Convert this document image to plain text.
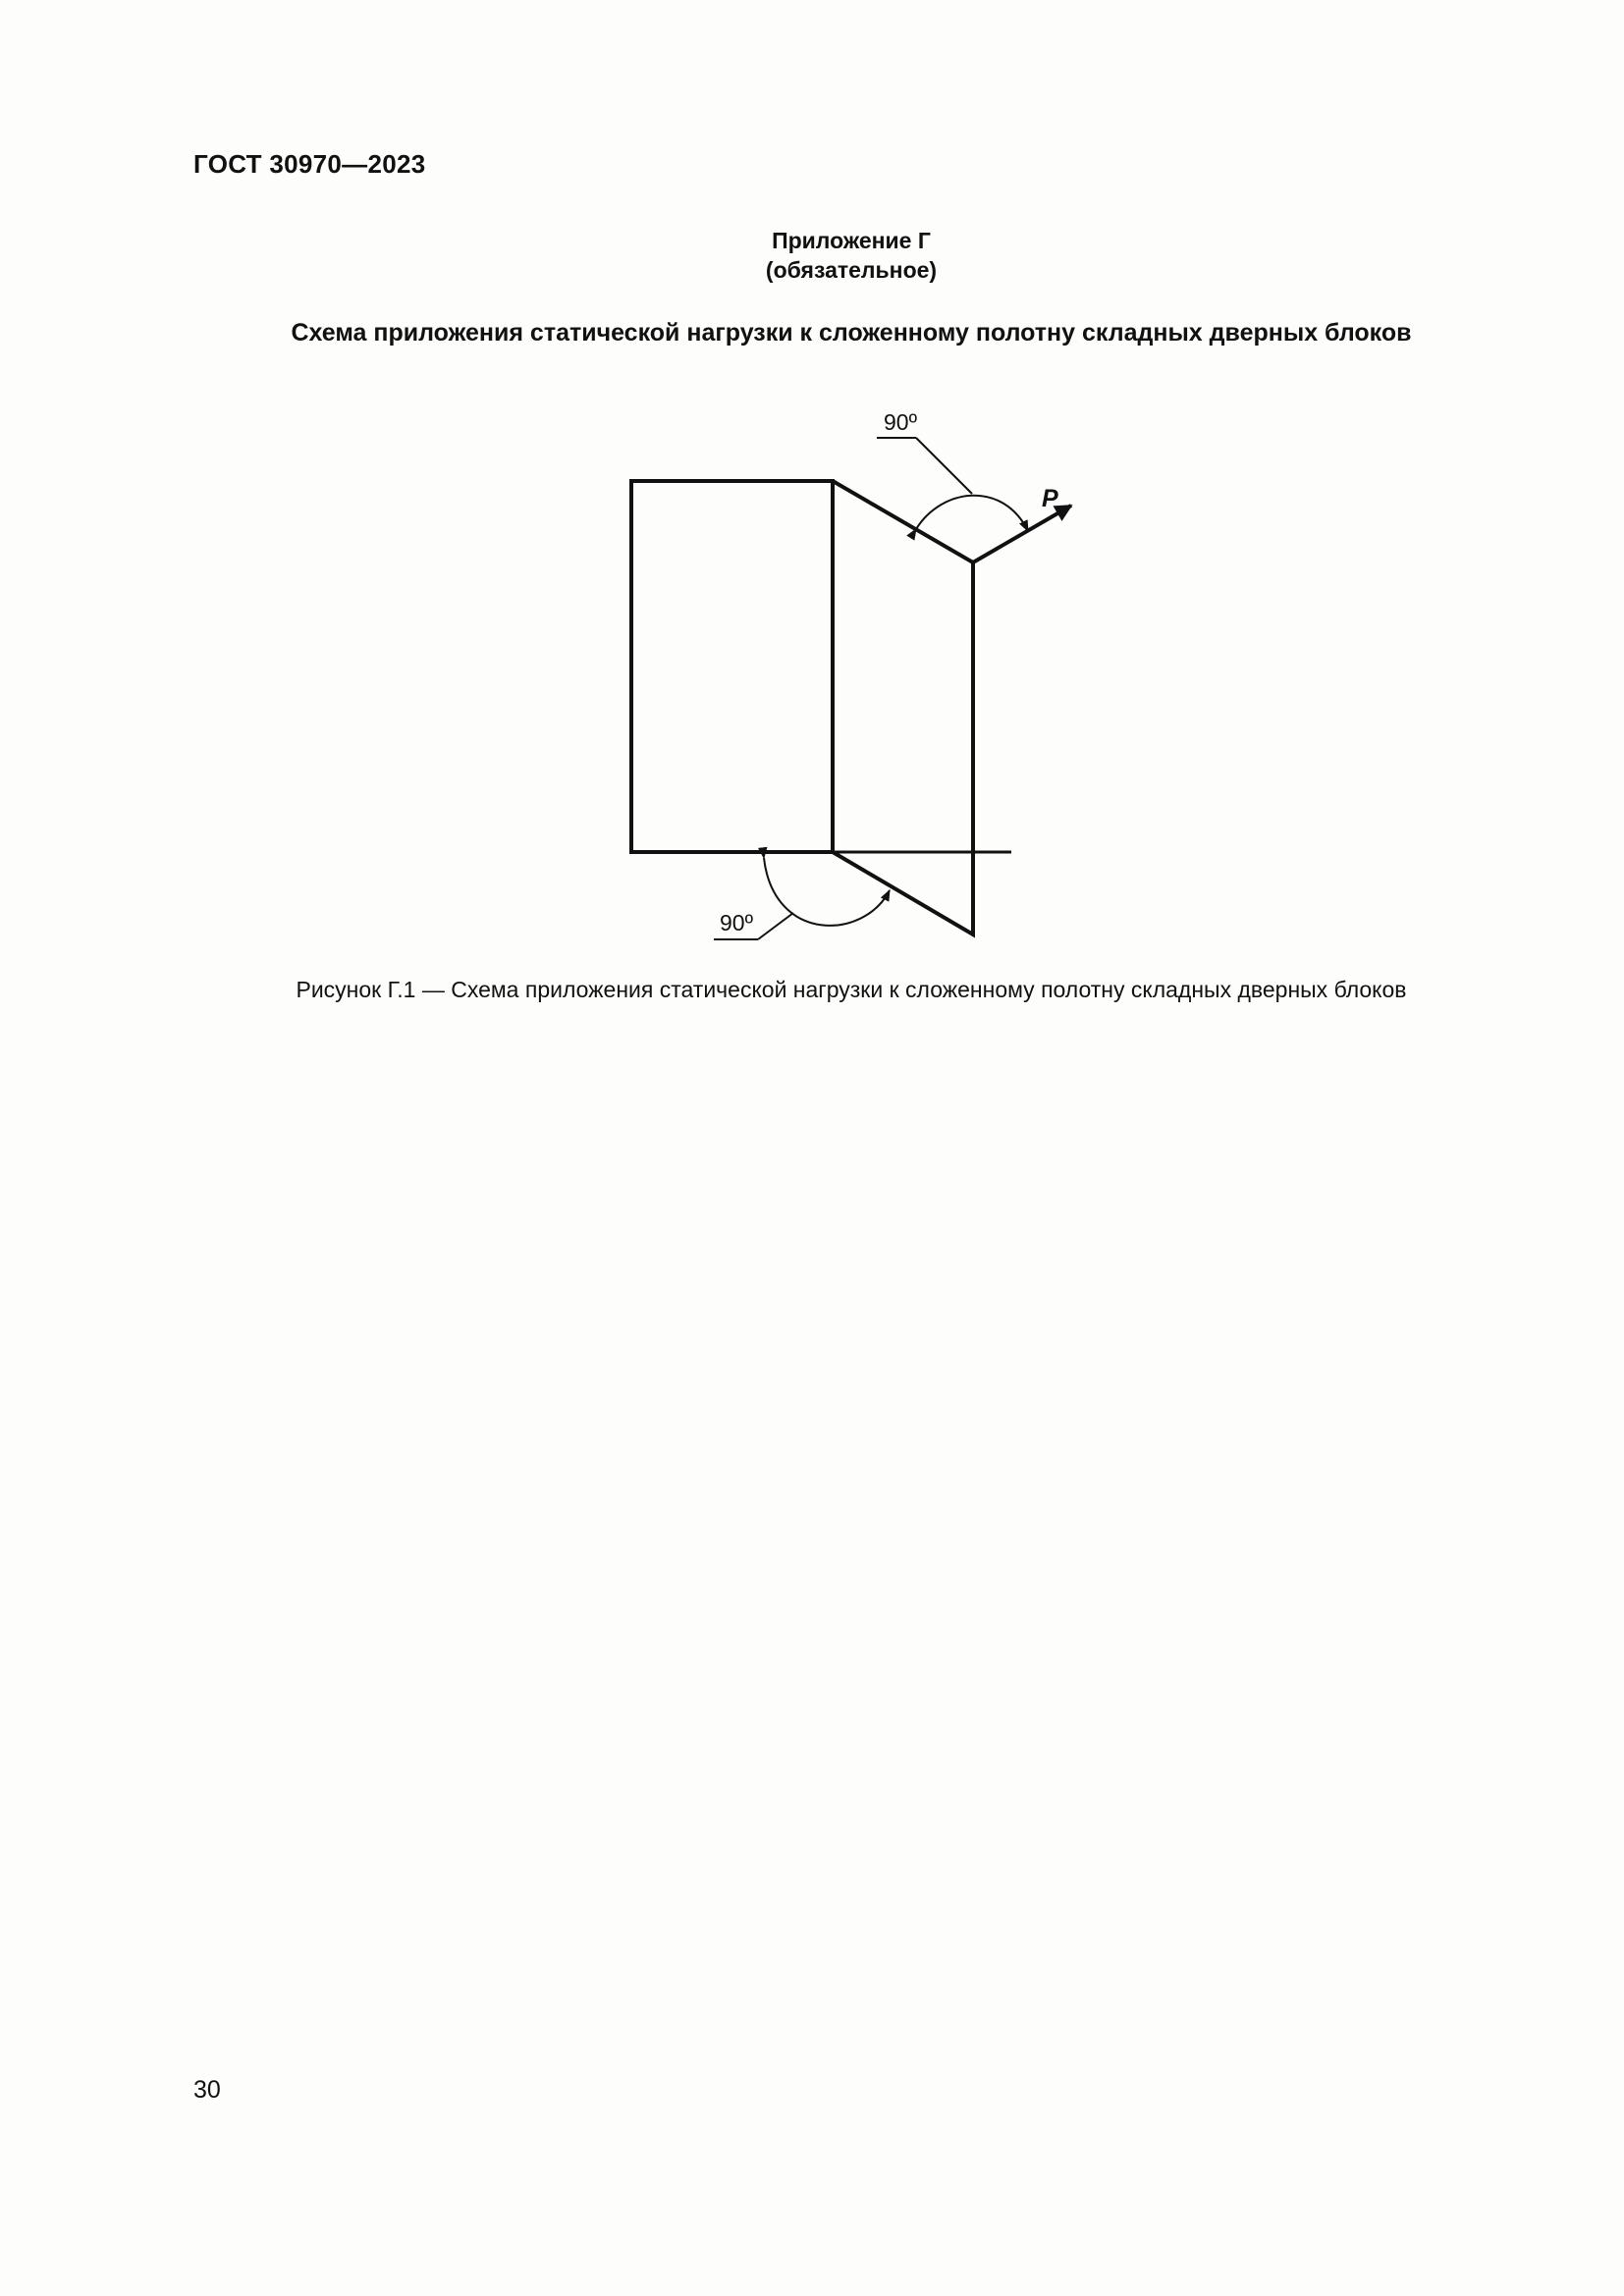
ГОСТ 30970—2023
Приложение Г
(обязательное)
Схема приложения статической нагрузки к сложенному полотну складных дверных блоков
90º
90º
P
Рисунок Г.1 — Схема приложения статической нагрузки к сложенному полотну складных дверных блоков
30
